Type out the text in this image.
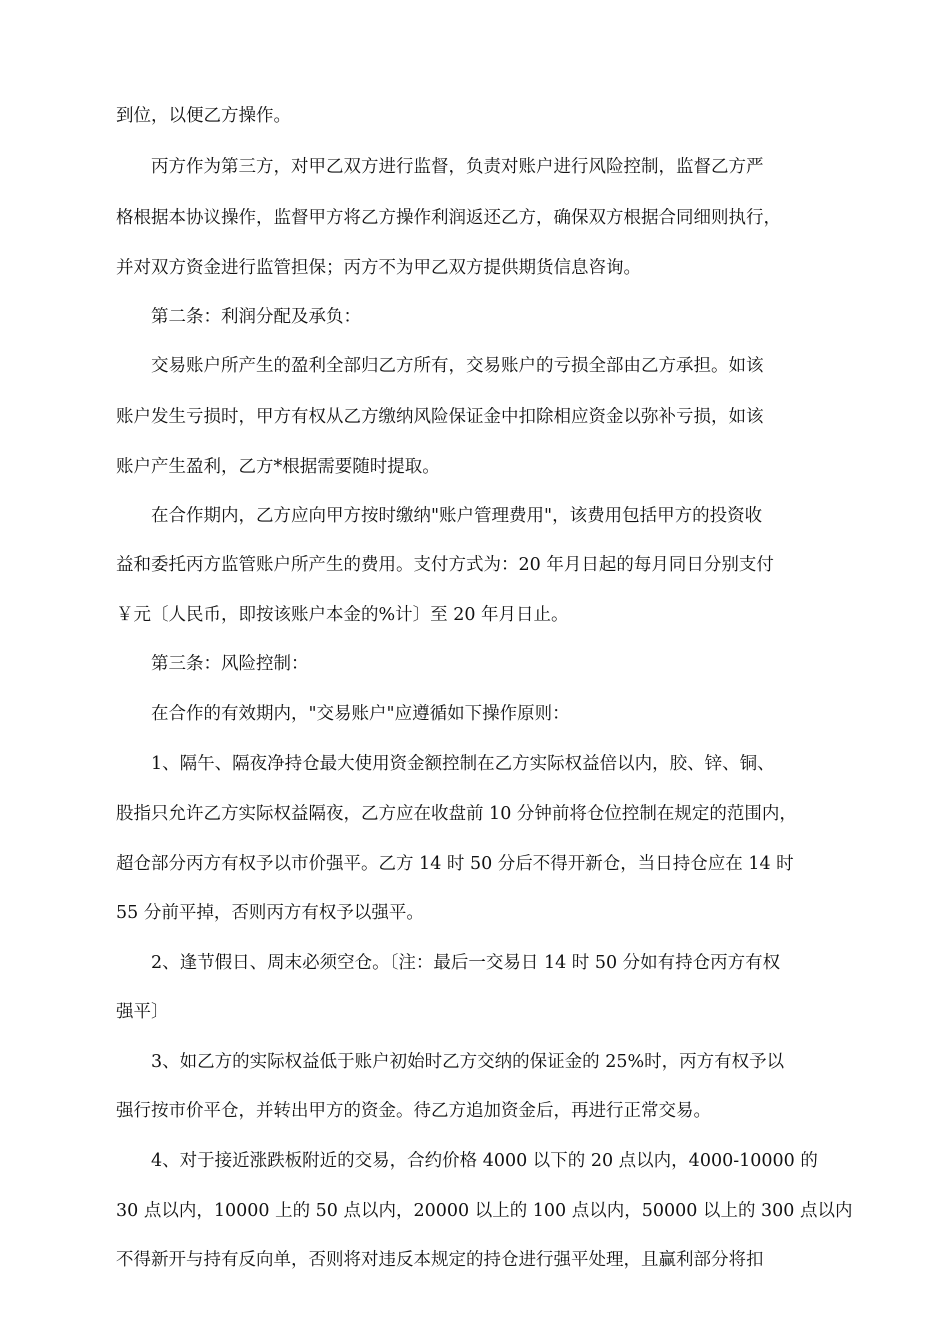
到位，以便乙方操作。
　　丙方作为第三方，对甲乙双方进行监督，负责对账户进行风险控制，监督乙方严
格根据本协议操作，监督甲方将乙方操作利润返还乙方，确保双方根据合同细则执行，
并对双方资金进行监管担保；丙方不为甲乙双方提供期货信息咨询。
　　第二条：利润分配及承负：
　　交易账户所产生的盈利全部归乙方所有，交易账户的亏损全部由乙方承担。如该
账户发生亏损时，甲方有权从乙方缴纳风险保证金中扣除相应资金以弥补亏损，如该
账户产生盈利，乙方*根据需要随时提取。
　　在合作期内，乙方应向甲方按时缴纳"账户管理费用"，该费用包括甲方的投资收
益和委托丙方监管账户所产生的费用。支付方式为：20 年月日起的每月同日分别支付
￥元〔人民币，即按该账户本金的%计〕至 20 年月日止。
　　第三条：风险控制：
　　在合作的有效期内，"交易账户"应遵循如下操作原则：
　　1、隔午、隔夜净持仓最大使用资金额控制在乙方实际权益倍以内，胶、锌、铜、
股指只允许乙方实际权益隔夜，乙方应在收盘前 10 分钟前将仓位控制在规定的范围内，
超仓部分丙方有权予以市价强平。乙方 14 时 50 分后不得开新仓，当日持仓应在 14 时
55 分前平掉，否则丙方有权予以强平。
　　2、逢节假日、周末必须空仓。〔注：最后一交易日 14 时 50 分如有持仓丙方有权
强平〕
　　3、如乙方的实际权益低于账户初始时乙方交纳的保证金的 25%时，丙方有权予以
强行按市价平仓，并转出甲方的资金。待乙方追加资金后，再进行正常交易。
　　4、对于接近涨跌板附近的交易，合约价格 4000 以下的 20 点以内，4000-10000 的
30 点以内，10000 上的 50 点以内，20000 以上的 100 点以内，50000 以上的 300 点以内
不得新开与持有反向单，否则将对违反本规定的持仓进行强平处理，且赢利部分将扣
